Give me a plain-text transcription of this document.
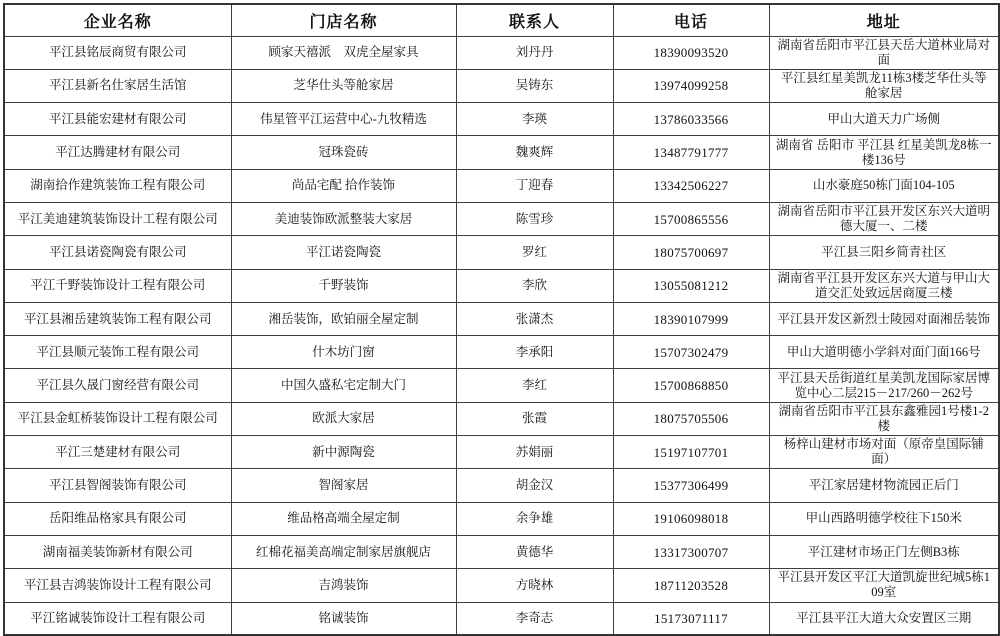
企业名称	门店名称	联系人	电话	地址
平江县铭辰商贸有限公司	顾家天禧派　双虎全屋家具	刘丹丹	18390093520	湖南省岳阳市平江县天岳大道林业局对面
平江县新名仕家居生活馆	芝华仕头等舱家居	吴铸东	13974099258	平江县红星美凯龙11栋3楼芝华仕头等舱家居
平江县能宏建材有限公司	伟星管平江运营中心-九牧精选	李瑛	13786033566	甲山大道天力广场侧
平江达腾建材有限公司	冠珠瓷砖	魏爽辉	13487791777	湖南省 岳阳市 平江县 红星美凯龙8栋一楼136号
湖南拾作建筑装饰工程有限公司	尚品宅配 拾作装饰	丁迎春	13342506227	山水豪庭50栋门面104-105
平江美迪建筑装饰设计工程有限公司	美迪装饰欧派整装大家居	陈雪珍	15700865556	湖南省岳阳市平江县开发区东兴大道明德大厦一、二楼
平江县诺瓷陶瓷有限公司	平江诺瓷陶瓷	罗红	18075700697	平江县三阳乡简青社区
平江千野装饰设计工程有限公司	千野装饰	李欣	13055081212	湖南省平江县开发区东兴大道与甲山大道交汇处致远居商厦三楼
平江县湘岳建筑装饰工程有限公司	湘岳装饰，欧铂丽全屋定制	张潇杰	18390107999	平江县开发区新烈士陵园对面湘岳装饰
平江县顺元装饰工程有限公司	什木坊门窗	李承阳	15707302479	甲山大道明德小学斜对面门面166号
平江县久晟门窗经营有限公司	中国久盛私宅定制大门	李红	15700868850	平江县天岳街道红星美凯龙国际家居博览中心二层215－217/260－262号
平江县金虹桥装饰设计工程有限公司	欧派大家居	张霞	18075705506	湖南省岳阳市平江县东鑫雅园1号楼1-2楼
平江三楚建材有限公司	新中源陶瓷	苏娟丽	15197107701	杨梓山建材市场对面（原帝皇国际铺面）
平江县智阁装饰有限公司	智阁家居	胡金汉	15377306499	平江家居建材物流园正后门
岳阳维品格家具有限公司	维品格高端全屋定制	余争雄	19106098018	甲山西路明德学校往下150米
湖南福美装饰新材有限公司	红棉花福美高端定制家居旗舰店	黄德华	13317300707	平江建材市场正门左侧B3栋
平江县吉鸿装饰设计工程有限公司	吉鸿装饰	方晓林	18711203528	平江县开发区平江大道凯旋世纪城5栋109室
平江铭诚装饰设计工程有限公司	铭诚装饰	李奇志	15173071117	平江县平江大道大众安置区三期
